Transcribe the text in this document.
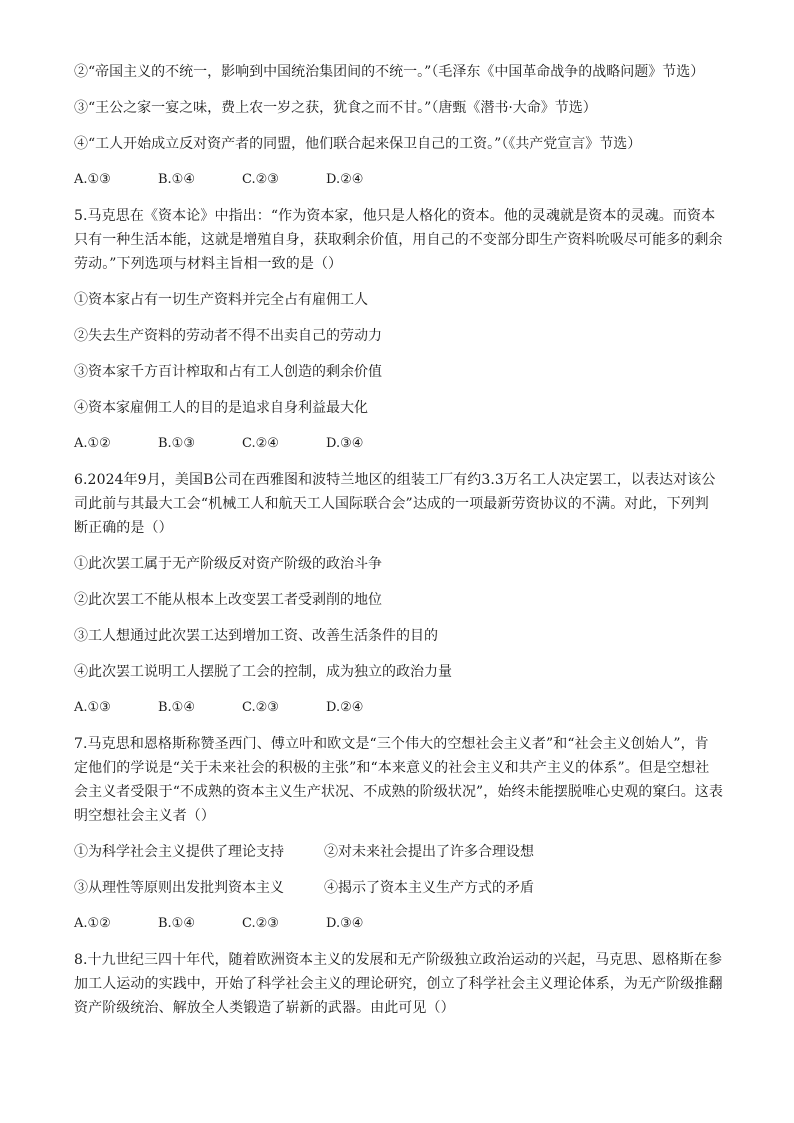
②“帝国主义的不统一，影响到中国统治集团间的不统一。”（毛泽东《中国革命战争的战略问题》节选）
③“王公之家一宴之味，费上农一岁之获，犹食之而不甘。”（唐甄《潜书·大命》节选）
④“工人开始成立反对资产者的同盟，他们联合起来保卫自己的工资。”（《共产党宣言》节选）
A.①③	B.①④	C.②③	D.②④
5.马克思在《资本论》中指出：“作为资本家，他只是人格化的资本。他的灵魂就是资本的灵魂。而资本
只有一种生活本能，这就是增殖自身，获取剩余价值，用自己的不变部分即生产资料吮吸尽可能多的剩余
劳动。”下列选项与材料主旨相一致的是（）
①资本家占有一切生产资料并完全占有雇佣工人
②失去生产资料的劳动者不得不出卖自己的劳动力
③资本家千方百计榨取和占有工人创造的剩余价值
④资本家雇佣工人的目的是追求自身利益最大化
A.①②	B.①③	C.②④	D.③④
6.2024年9月，美国B公司在西雅图和波特兰地区的组装工厂有约3.3万名工人决定罢工，以表达对该公
司此前与其最大工会“机械工人和航天工人国际联合会”达成的一项最新劳资协议的不满。对此，下列判
断正确的是（）
①此次罢工属于无产阶级反对资产阶级的政治斗争
②此次罢工不能从根本上改变罢工者受剥削的地位
③工人想通过此次罢工达到增加工资、改善生活条件的目的
④此次罢工说明工人摆脱了工会的控制，成为独立的政治力量
A.①③	B.①④	C.②③	D.②④
7.马克思和恩格斯称赞圣西门、傅立叶和欧文是“三个伟大的空想社会主义者”和“社会主义创始人”，肯
定他们的学说是“关于未来社会的积极的主张”和“本来意义的社会主义和共产主义的体系”。但是空想社
会主义者受限于“不成熟的资本主义生产状况、不成熟的阶级状况”，始终未能摆脱唯心史观的窠臼。这表
明空想社会主义者（）
①为科学社会主义提供了理论支持	②对未来社会提出了许多合理设想
③从理性等原则出发批判资本主义	④揭示了资本主义生产方式的矛盾
A.①②	B.①④	C.②③	D.③④
8.十九世纪三四十年代，随着欧洲资本主义的发展和无产阶级独立政治运动的兴起，马克思、恩格斯在参
加工人运动的实践中，开始了科学社会主义的理论研究，创立了科学社会主义理论体系，为无产阶级推翻
资产阶级统治、解放全人类锻造了崭新的武器。由此可见（）
